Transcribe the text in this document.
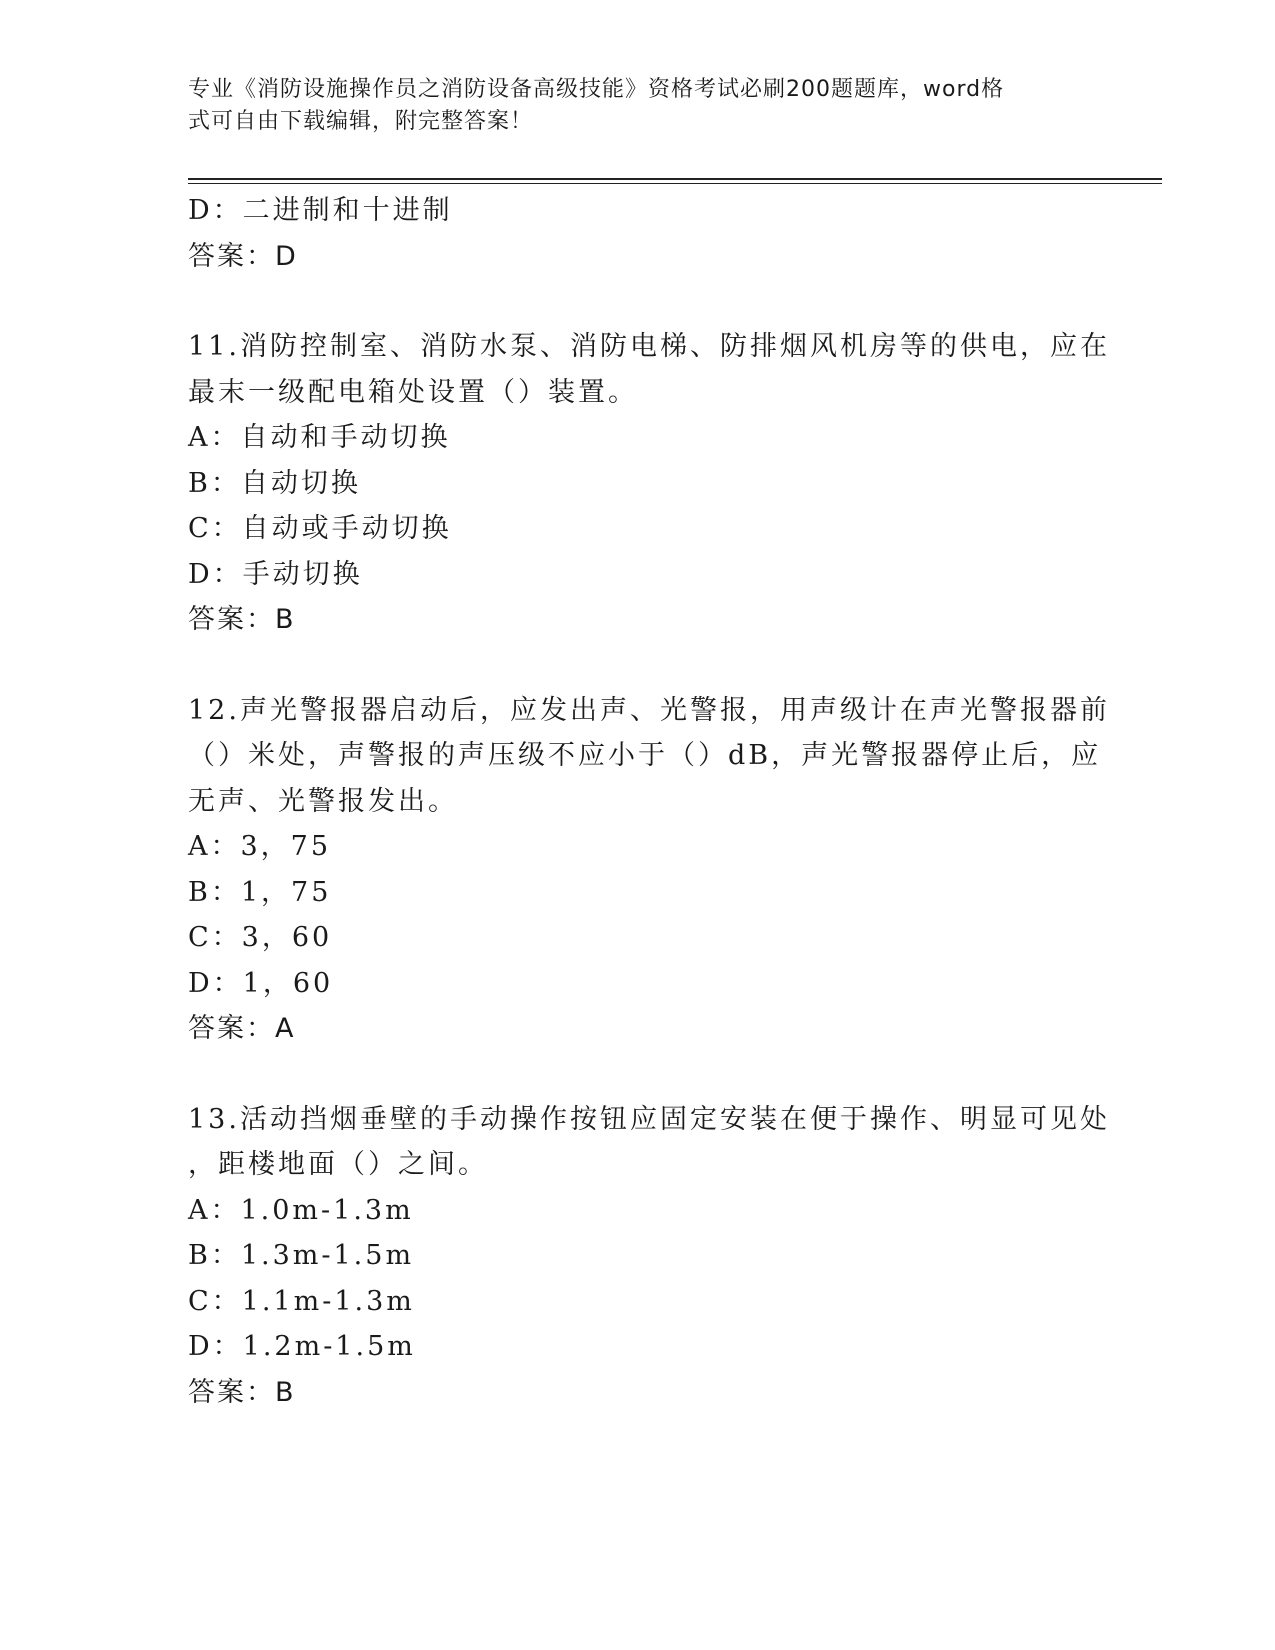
专业《消防设施操作员之消防设备高级技能》资格考试必刷200题题库，word格
式可自由下载编辑，附完整答案！
D：二进制和十进制
答案：D
11.消防控制室、消防水泵、消防电梯、防排烟风机房等的供电，应在
最末一级配电箱处设置（）装置。
A：自动和手动切换
B：自动切换
C：自动或手动切换
D：手动切换
答案：B
12.声光警报器启动后，应发出声、光警报，用声级计在声光警报器前
（）米处，声警报的声压级不应小于（）dB，声光警报器停止后，应
无声、光警报发出。
A：3，75
B：1，75
C：3，60
D：1，60
答案：A
13.活动挡烟垂壁的手动操作按钮应固定安装在便于操作、明显可见处
，距楼地面（）之间。
A：1.0m-1.3m
B：1.3m-1.5m
C：1.1m-1.3m
D：1.2m-1.5m
答案：B
